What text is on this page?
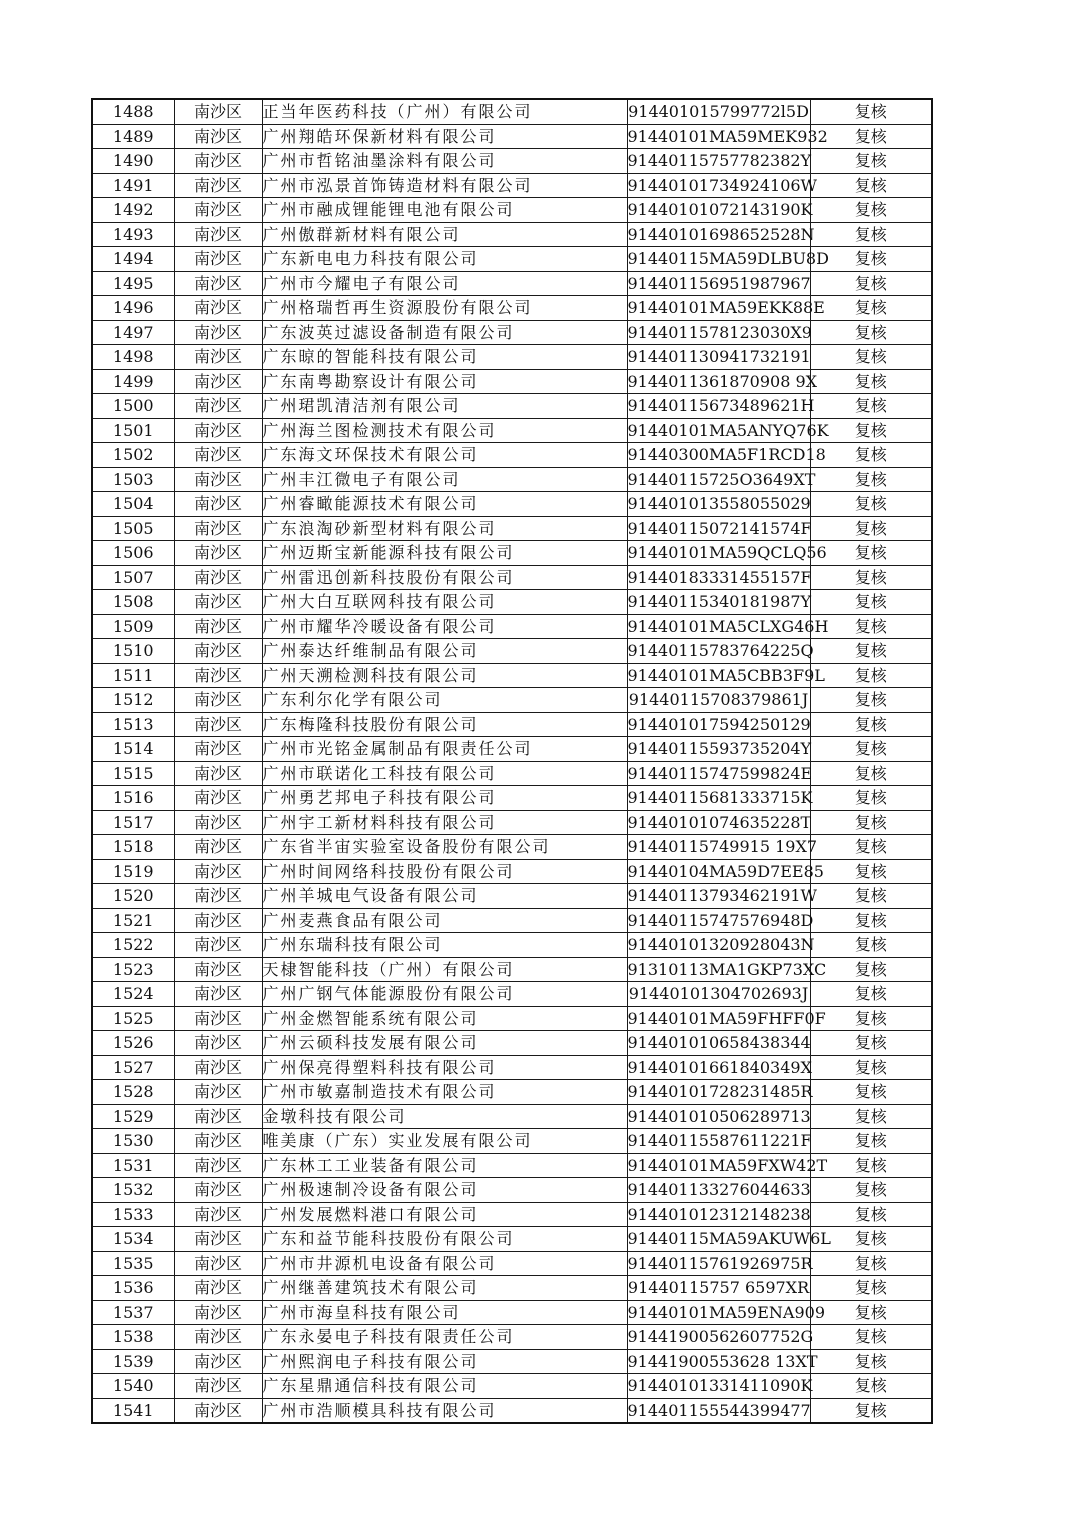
1488	南沙区	正当年医药科技（广州）有限公司	914401015799772l5D	复核
1489	南沙区	广州翔皓环保新材料有限公司	91440101MA59MEK932	复核
1490	南沙区	广州市哲铭油墨涂料有限公司	91440115757782382Y	复核
1491	南沙区	广州市泓景首饰铸造材料有限公司	91440101734924106W	复核
1492	南沙区	广州市融成锂能锂电池有限公司	91440101072143190K	复核
1493	南沙区	广州傲群新材料有限公司	91440101698652528N	复核
1494	南沙区	广东新电电力科技有限公司	91440115MA59DLBU8D	复核
1495	南沙区	广州市今耀电子有限公司	914401156951987967	复核
1496	南沙区	广州格瑞哲再生资源股份有限公司	91440101MA59EKK88E	复核
1497	南沙区	广东波英过滤设备制造有限公司	9144011578123030X9	复核
1498	南沙区	广东晾的智能科技有限公司	914401130941732191	复核
1499	南沙区	广东南粤勘察设计有限公司	9144011361870908 9X	复核
1500	南沙区	广州珺凯清洁剂有限公司	91440115673489621H	复核
1501	南沙区	广州海兰图检测技术有限公司	91440101MA5ANYQ76K	复核
1502	南沙区	广东海文环保技术有限公司	91440300MA5F1RCD18	复核
1503	南沙区	广州丰江微电子有限公司	91440115725O3649XT	复核
1504	南沙区	广州睿瞰能源技术有限公司	914401013558055029	复核
1505	南沙区	广东浪淘砂新型材料有限公司	91440115072141574F	复核
1506	南沙区	广州迈斯宝新能源科技有限公司	91440101MA59QCLQ56	复核
1507	南沙区	广州雷迅创新科技股份有限公司	91440183331455157F	复核
1508	南沙区	广州大白互联网科技有限公司	91440115340181987Y	复核
1509	南沙区	广州市耀华冷暖设备有限公司	91440101MA5CLXG46H	复核
1510	南沙区	广州泰达纤维制品有限公司	91440115783764225Q	复核
1511	南沙区	广州天溯检测科技有限公司	91440101MA5CBB3F9L	复核
1512	南沙区	广东利尔化学有限公司	91440115708379861J	复核
1513	南沙区	广东梅隆科技股份有限公司	914401017594250129	复核
1514	南沙区	广州市光铭金属制品有限责任公司	91440115593735204Y	复核
1515	南沙区	广州市联诺化工科技有限公司	91440115747599824E	复核
1516	南沙区	广州勇艺邦电子科技有限公司	91440115681333715K	复核
1517	南沙区	广州宇工新材料科技有限公司	91440101074635228T	复核
1518	南沙区	广东省半宙实验室设备股份有限公司	91440115749915 19X7	复核
1519	南沙区	广州时间网络科技股份有限公司	91440104MA59D7EE85	复核
1520	南沙区	广州羊城电气设备有限公司	91440113793462191W	复核
1521	南沙区	广州麦燕食品有限公司	91440115747576948D	复核
1522	南沙区	广州东瑞科技有限公司	91440101320928043N	复核
1523	南沙区	天棣智能科技（广州）有限公司	91310113MA1GKP73XC	复核
1524	南沙区	广州广钢气体能源股份有限公司	91440101304702693J	复核
1525	南沙区	广州金燃智能系统有限公司	91440101MA59FHFF0F	复核
1526	南沙区	广州云硕科技发展有限公司	914401010658438344	复核
1527	南沙区	广州保亮得塑料科技有限公司	91440101661840349X	复核
1528	南沙区	广州市敏嘉制造技术有限公司	91440101728231485R	复核
1529	南沙区	金墩科技有限公司	914401010506289713	复核
1530	南沙区	唯美康（广东）实业发展有限公司	91440115587611221F	复核
1531	南沙区	广东林工工业装备有限公司	91440101MA59FXW42T	复核
1532	南沙区	广州极速制冷设备有限公司	914401133276044633	复核
1533	南沙区	广州发展燃料港口有限公司	914401012312148238	复核
1534	南沙区	广东和益节能科技股份有限公司	91440115MA59AKUW6L	复核
1535	南沙区	广州市井源机电设备有限公司	91440115761926975R	复核
1536	南沙区	广州继善建筑技术有限公司	91440115757 6597XR	复核
1537	南沙区	广州市海皇科技有限公司	91440101MA59ENA909	复核
1538	南沙区	广东永晏电子科技有限责任公司	91441900562607752G	复核
1539	南沙区	广州熙润电子科技有限公司	91441900553628 13XT	复核
1540	南沙区	广东星鼎通信科技有限公司	91440101331411090K	复核
1541	南沙区	广州市浩顺模具科技有限公司	914401155544399477	复核
